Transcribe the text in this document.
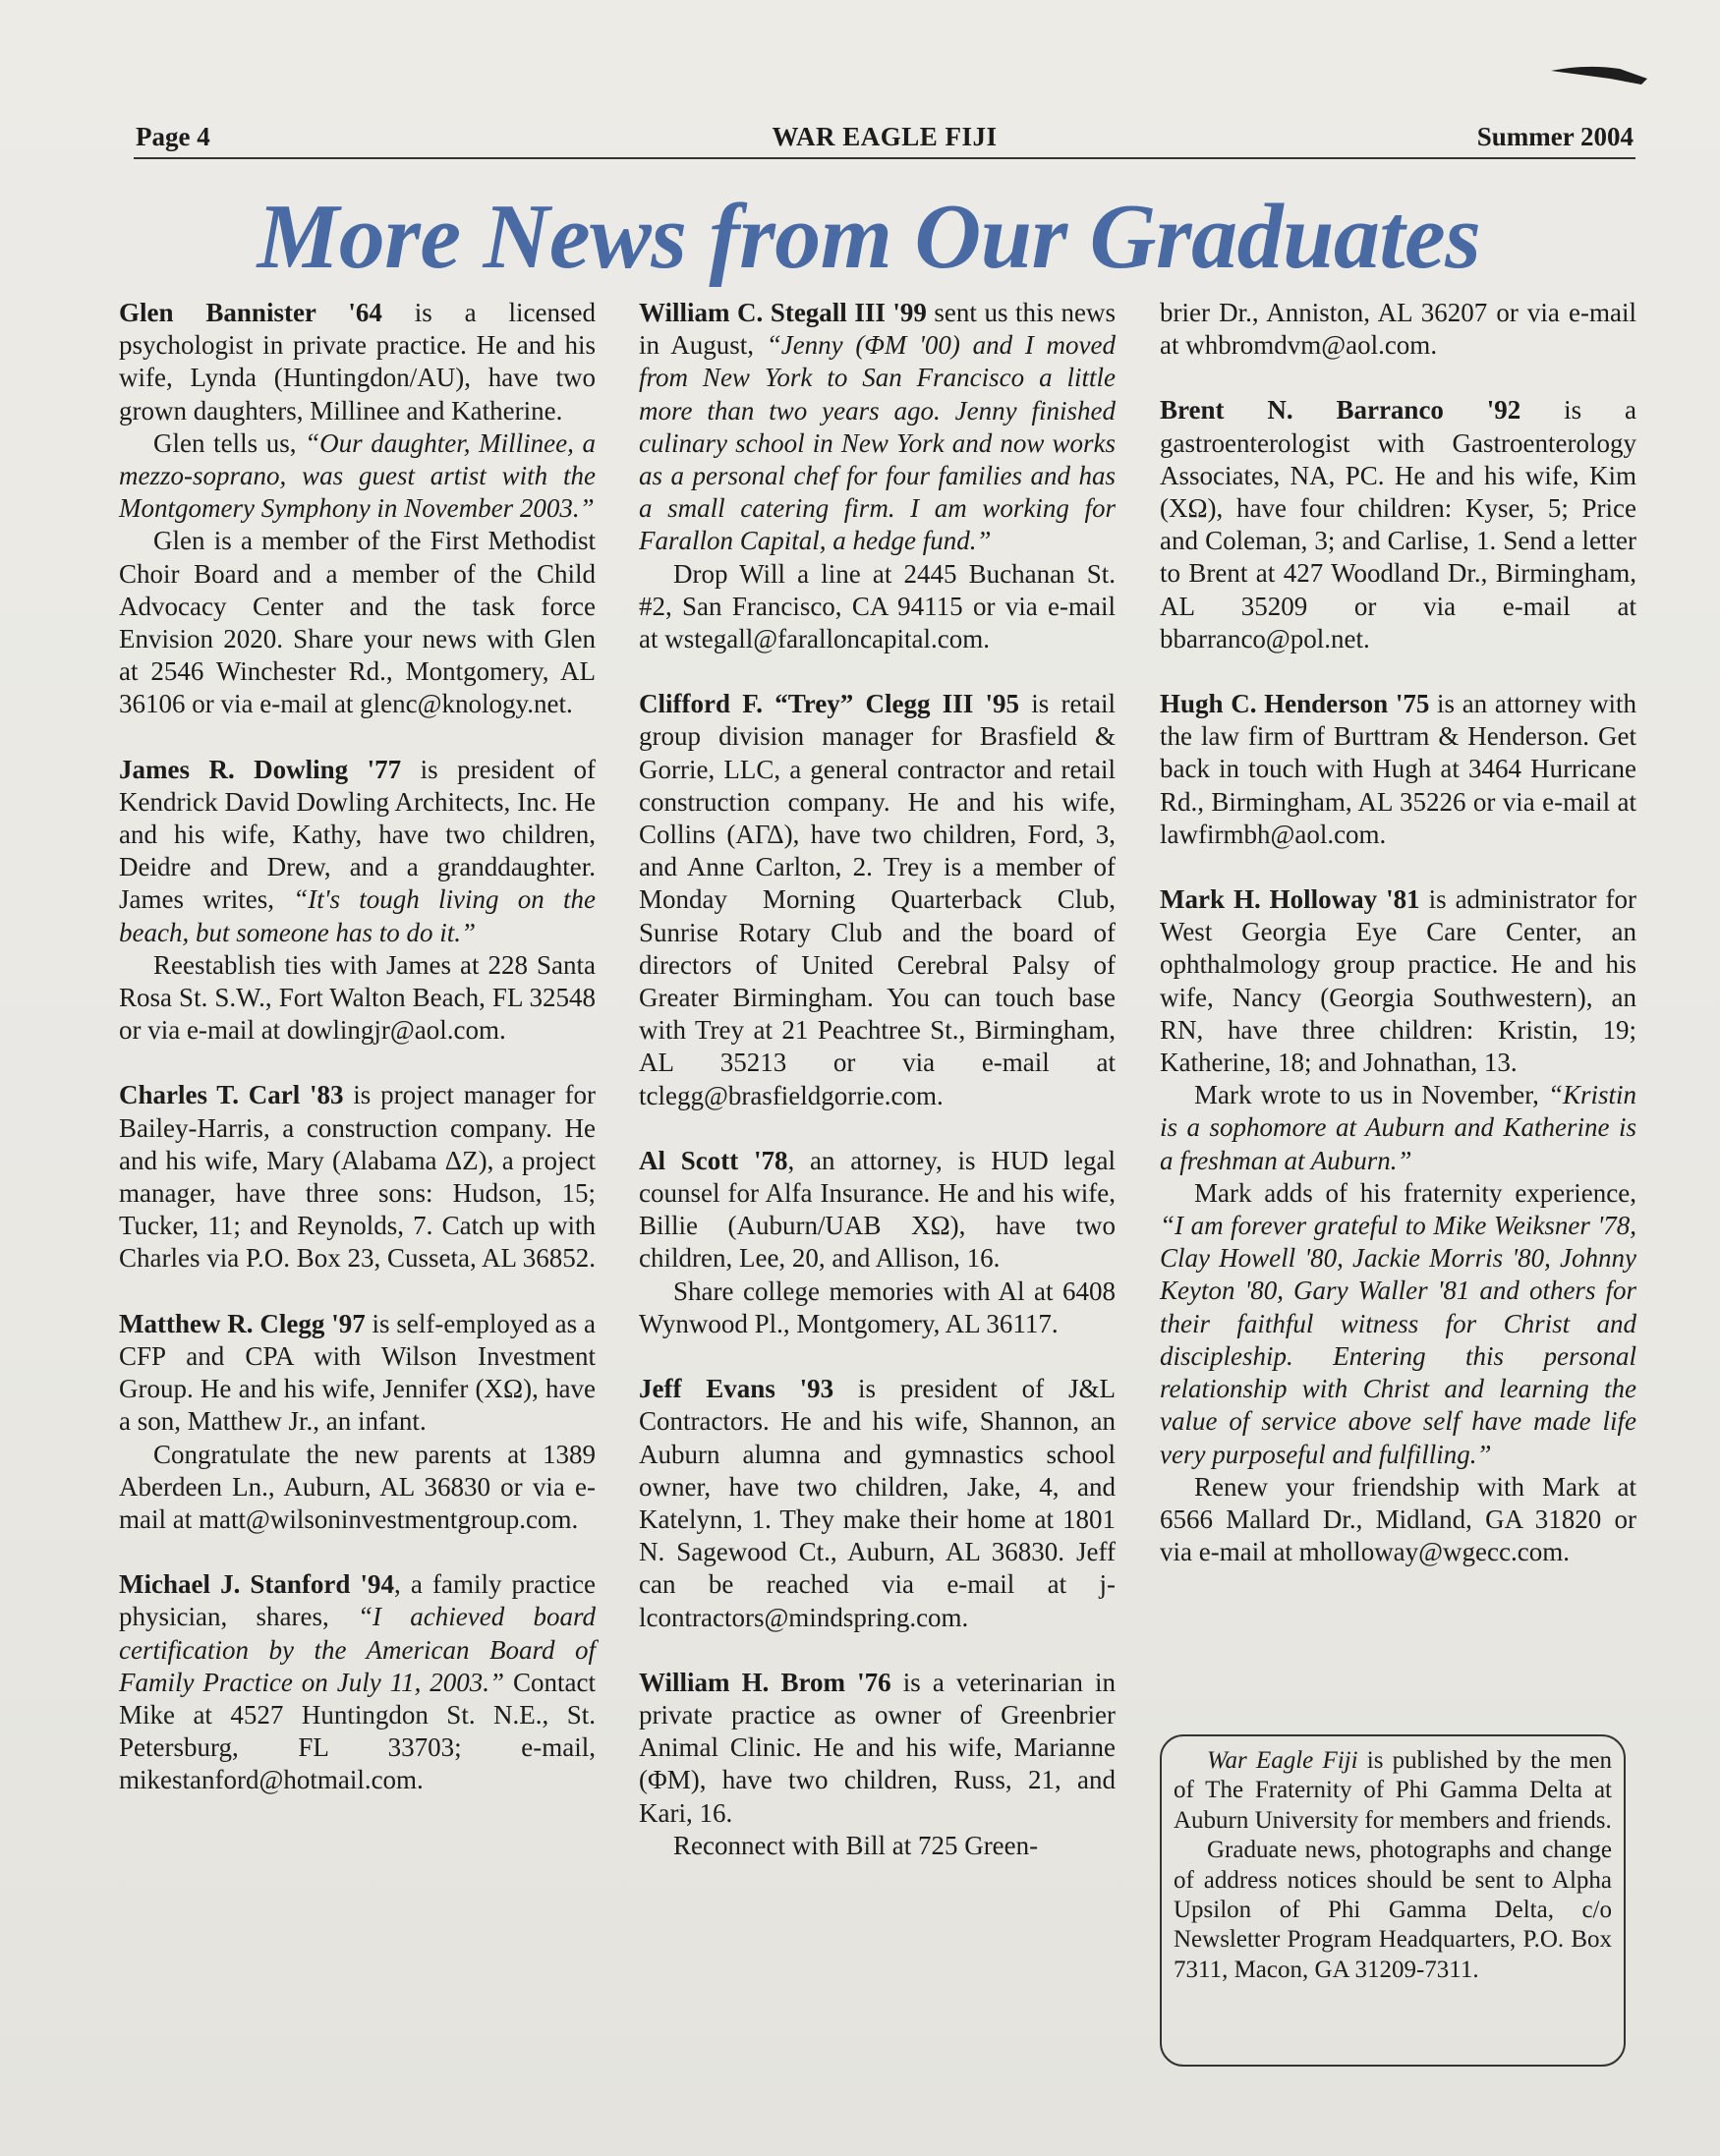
Page 4	WAR EAGLE FIJI	Summer 2004
More News from Our Graduates

Glen Bannister '64 is a licensed psychologist in private practice. He and his wife, Lynda (Huntingdon/AU), have two grown daughters, Millinee and Katherine.

Glen tells us, “Our daughter, Millinee, a mezzo-soprano, was guest artist with the Montgomery Symphony in November 2003.”

Glen is a member of the First Methodist Choir Board and a member of the Child Advocacy Center and the task force Envision 2020. Share your news with Glen at 2546 Winchester Rd., Montgomery, AL 36106 or via e-mail at glenc@knology.net.

James R. Dowling '77 is president of Kendrick David Dowling Architects, Inc. He and his wife, Kathy, have two children, Deidre and Drew, and a granddaughter. James writes, “It's tough living on the beach, but someone has to do it.”

Reestablish ties with James at 228 Santa Rosa St. S.W., Fort Walton Beach, FL 32548 or via e-mail at dowlingjr@aol.com.

Charles T. Carl '83 is project manager for Bailey-Harris, a construction company. He and his wife, Mary (Alabama ΔZ), a project manager, have three sons: Hudson, 15; Tucker, 11; and Reynolds, 7. Catch up with Charles via P.O. Box 23, Cusseta, AL 36852.

Matthew R. Clegg '97 is self-employed as a CFP and CPA with Wilson Investment Group. He and his wife, Jennifer (XΩ), have a son, Matthew Jr., an infant.

Congratulate the new parents at 1389 Aberdeen Ln., Auburn, AL 36830 or via e-mail at matt@wilsoninvestmentgroup.com.

Michael J. Stanford '94, a family practice physician, shares, “I achieved board certification by the American Board of Family Practice on July 11, 2003.” Contact Mike at 4527 Huntingdon St. N.E., St. Petersburg, FL 33703; e-mail, mikestanford@hotmail.com.

William C. Stegall III '99 sent us this news in August, “Jenny (ΦM '00) and I moved from New York to San Francisco a little more than two years ago. Jenny finished culinary school in New York and now works as a personal chef for four families and has a small catering firm. I am working for Farallon Capital, a hedge fund.”

Drop Will a line at 2445 Buchanan St. #2, San Francisco, CA 94115 or via e-mail at wstegall@faralloncapital.com.

Clifford F. “Trey” Clegg III '95 is retail group division manager for Brasfield & Gorrie, LLC, a general contractor and retail construction company. He and his wife, Collins (AΓΔ), have two children, Ford, 3, and Anne Carlton, 2. Trey is a member of Monday Morning Quarterback Club, Sunrise Rotary Club and the board of directors of United Cerebral Palsy of Greater Birmingham. You can touch base with Trey at 21 Peachtree St., Birmingham, AL 35213 or via e-mail at tclegg@brasfieldgorrie.com.

Al Scott '78, an attorney, is HUD legal counsel for Alfa Insurance. He and his wife, Billie (Auburn/UAB XΩ), have two children, Lee, 20, and Allison, 16.

Share college memories with Al at 6408 Wynwood Pl., Montgomery, AL 36117.

Jeff Evans '93 is president of J&L Contractors. He and his wife, Shannon, an Auburn alumna and gymnastics school owner, have two children, Jake, 4, and Katelynn, 1. They make their home at 1801 N. Sagewood Ct., Auburn, AL 36830. Jeff can be reached via e-mail at j-lcontractors@mindspring.com.

William H. Brom '76 is a veterinarian in private practice as owner of Greenbrier Animal Clinic. He and his wife, Marianne (ΦM), have two children, Russ, 21, and Kari, 16.

Reconnect with Bill at 725 Green-

brier Dr., Anniston, AL 36207 or via e-mail at whbromdvm@aol.com.

Brent N. Barranco '92 is a gastroenterologist with Gastroenterology Associates, NA, PC. He and his wife, Kim (XΩ), have four children: Kyser, 5; Price and Coleman, 3; and Carlise, 1. Send a letter to Brent at 427 Woodland Dr., Birmingham, AL 35209 or via e-mail at bbarranco@pol.net.

Hugh C. Henderson '75 is an attorney with the law firm of Burttram & Henderson. Get back in touch with Hugh at 3464 Hurricane Rd., Birmingham, AL 35226 or via e-mail at lawfirmbh@aol.com.

Mark H. Holloway '81 is administrator for West Georgia Eye Care Center, an ophthalmology group practice. He and his wife, Nancy (Georgia Southwestern), an RN, have three children: Kristin, 19; Katherine, 18; and Johnathan, 13.

Mark wrote to us in November, “Kristin is a sophomore at Auburn and Katherine is a freshman at Auburn.”

Mark adds of his fraternity experience, “I am forever grateful to Mike Weiksner '78, Clay Howell '80, Jackie Morris '80, Johnny Keyton '80, Gary Waller '81 and others for their faithful witness for Christ and discipleship. Entering this personal relationship with Christ and learning the value of service above self have made life very purposeful and fulfilling.”

Renew your friendship with Mark at 6566 Mallard Dr., Midland, GA 31820 or via e-mail at mholloway@wgecc.com.

War Eagle Fiji is published by the men of The Fraternity of Phi Gamma Delta at Auburn University for members and friends.

Graduate news, photographs and change of address notices should be sent to Alpha Upsilon of Phi Gamma Delta, c/o Newsletter Program Headquarters, P.O. Box 7311, Macon, GA 31209-7311.
